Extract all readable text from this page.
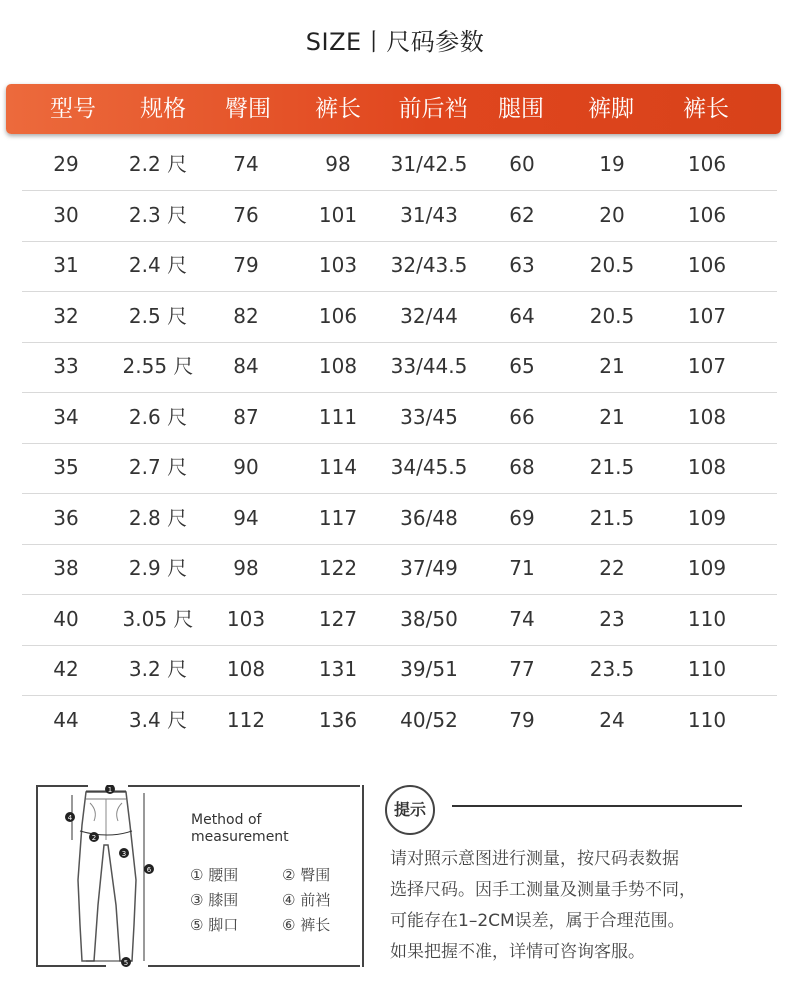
SIZE丨尺码参数
型号	规格	臀围	裤长	前后裆	腿围	裤脚	裤长
29	2.2 尺	74	98	31/42.5	60	19	106
30	2.3 尺	76	101	31/43	62	20	106
31	2.4 尺	79	103	32/43.5	63	20.5	106
32	2.5 尺	82	106	32/44	64	20.5	107
33	2.55 尺	84	108	33/44.5	65	21	107
34	2.6 尺	87	111	33/45	66	21	108
35	2.7 尺	90	114	34/45.5	68	21.5	108
36	2.8 尺	94	117	36/48	69	21.5	109
38	2.9 尺	98	122	37/49	71	22	109
40	3.05 尺	103	127	38/50	74	23	110
42	3.2 尺	108	131	39/51	77	23.5	110
44	3.4 尺	112	136	40/52	79	24	110
1
2
3
4
5
6
Method of
measurement
① 腰围	② 臀围
③ 膝围	④ 前裆
⑤ 脚口	⑥ 裤长
提示
请对照示意图进行测量，按尺码表数据
选择尺码。因手工测量及测量手势不同，
可能存在1–2CM误差，属于合理范围。
如果把握不准，详情可咨询客服。
